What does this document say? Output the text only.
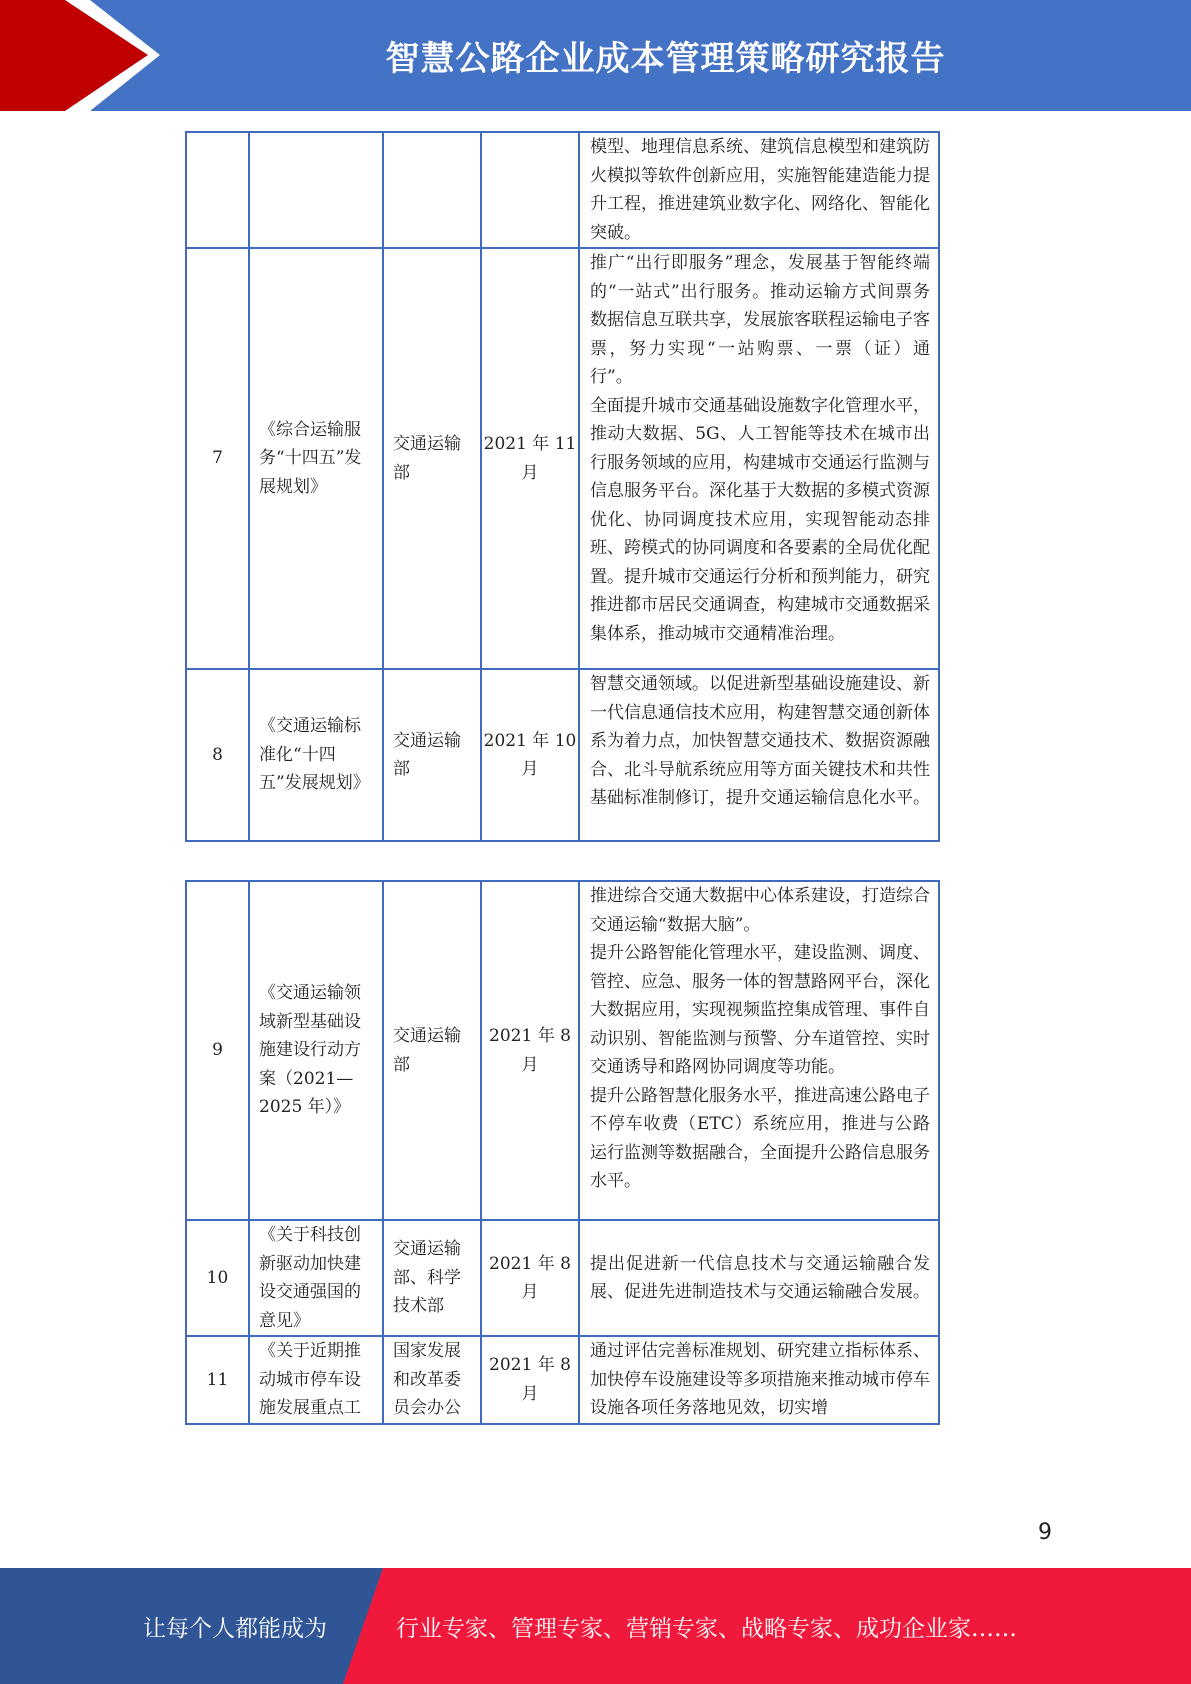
智慧公路企业成本管理策略研究报告

				模型、地理信息系统、建筑信息模型和建筑防火模拟等软件创新应用，实施智能建造能力提升工程，推进建筑业数字化、网络化、智能化突破。

7	《综合运输服务“十四五”发展规划》	交通运输部	2021 年 11 月	推广“出行即服务”理念，发展基于智能终端的“一站式”出行服务。推动运输方式间票务数据信息互联共享，发展旅客联程运输电子客票，努力实现“一站购票、一票（证）通行”。

全面提升城市交通基础设施数字化管理水平，推动大数据、5G、人工智能等技术在城市出行服务领域的应用，构建城市交通运行监测与信息服务平台。深化基于大数据的多模式资源优化、协同调度技术应用，实现智能动态排班、跨模式的协同调度和各要素的全局优化配置。提升城市交通运行分析和预判能力，研究推进都市居民交通调查，构建城市交通数据采集体系，推动城市交通精准治理。

8	《交通运输标准化“十四五”发展规划》	交通运输部	2021 年 10 月	智慧交通领域。以促进新型基础设施建设、新一代信息通信技术应用，构建智慧交通创新体系为着力点，加快智慧交通技术、数据资源融合、北斗导航系统应用等方面关键技术和共性基础标准制修订，提升交通运输信息化水平。

9	《交通运输领域新型基础设施建设行动方案（2021—2025 年）》	交通运输部	2021 年 8 月	推进综合交通大数据中心体系建设，打造综合交通运输“数据大脑”。

提升公路智能化管理水平，建设监测、调度、管控、应急、服务一体的智慧路网平台，深化大数据应用，实现视频监控集成管理、事件自动识别、智能监测与预警、分车道管控、实时交通诱导和路网协同调度等功能。

提升公路智慧化服务水平，推进高速公路电子不停车收费（ETC）系统应用，推进与公路运行监测等数据融合，全面提升公路信息服务水平。

10	《关于科技创新驱动加快建设交通强国的意见》	交通运输部、科学技术部	2021 年 8 月	提出促进新一代信息技术与交通运输融合发展、促进先进制造技术与交通运输融合发展。

11	《关于近期推动城市停车设施发展重点工	国家发展和改革委员会办公	2021 年 8 月	通过评估完善标准规划、研究建立指标体系、加快停车设施建设等多项措施来推动城市停车设施各项任务落地见效，切实增

9
让每个人都能成为	行业专家、管理专家、营销专家、战略专家、成功企业家……
